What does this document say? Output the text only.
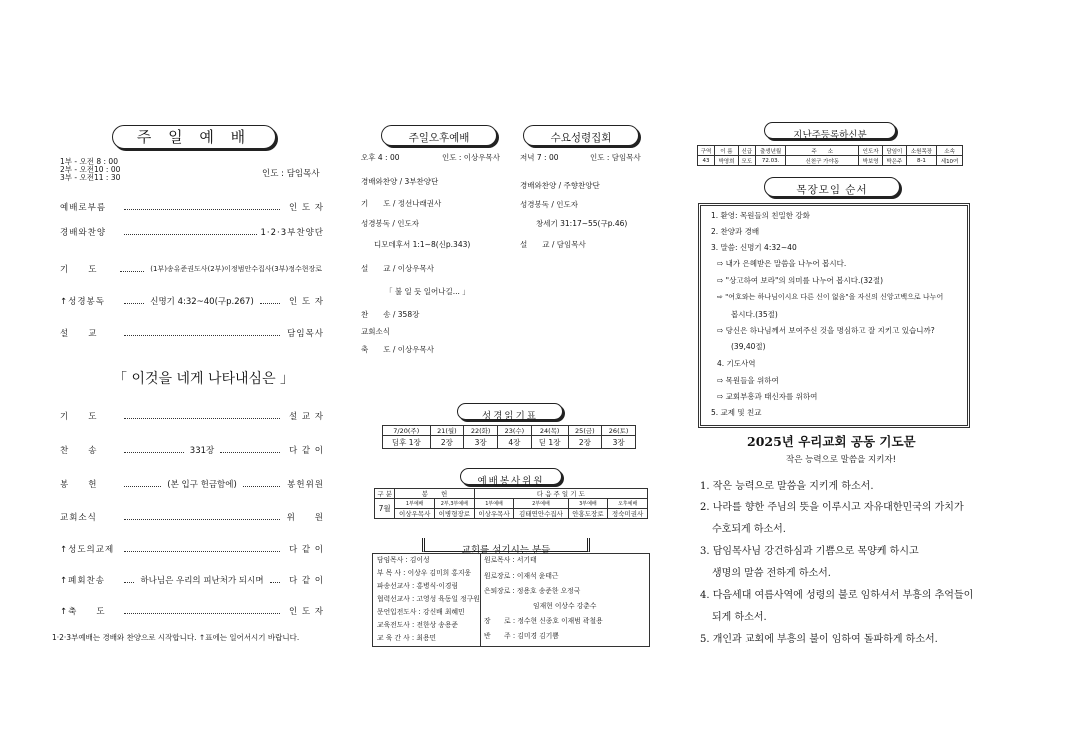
주 일 예 배
1부 - 오전 8 : 00
2부 - 오전10 : 00
3부 - 오전11 : 30	인도 : 담임목사
예배로부름	인 도 자
경배와찬양	1·2·3부찬양단
기　　도	(1부)송유준권도사(2부)이정범안수집사(3부)정수현장로
↑성경봉독	신명기 4:32~40(구p.267)	인 도 자
설　　교	담임목사
「 이것을 네게 나타내심은 」
기　　도	설 교 자
찬　　송	331장	다 같 이
봉　　헌	(본 입구 헌금함에)	봉헌위원
교회소식	위　　원
↑성도의교제	다 같 이
↑폐회찬송	하나님은 우리의 피난처가 되시며	다 같 이
↑축　　도	인 도 자
1·2·3부예배는 경배와 찬양으로 시작합니다. ↑표에는 일어서시기 바랍니다.
주일오후예배	수요성령집회
오후 4 : 00	인도 : 이상우목사
경배와찬양 / 3부찬양단
기　　도 / 정선나래권사
성경봉독 / 인도자
디모데후서 1:1~8(신p.343)
설　　교 / 이상우목사
「 불 일 듯 일어나길... 」
찬　　송 / 358장
교회소식
축　　도 / 이상우목사
저녁 7 : 00	인도 : 담임목사
경배와찬양 / 주향찬양단
성경봉독 / 인도자
창세기 31:17~55(구p.46)
설　　교 / 담임목사
성경읽기표
7/20(주)	21(월)	22(화)	23(수)	24(목)	25(금)	26(토)
딤후 1장	2장	3장	4장	딛 1장	2장	3장
예배봉사위원
구 분	봉　　헌		다 음 주 일 기 도			
7월	1부예배	2부,3부예배	1부예배	2부예배	3부예배	오후예배
	이상우목사	이병형장로	이상우목사	김태연안수집사	안홍도장로	정숙미권사
교회를 섬기시는 분들
담임목사 : 김이성
부 목 사 : 이상우 김미희 홍지웅
파송선교사 : 홍병식·이경림
협력선교사 : 고영성 육동일 정구원
문언입전도사 : 강신배 최혜민
교육전도사 : 전한상 송용준
교 육 간 사 : 최용민
원로목사 : 서기태
원로장로 : 이재석 윤태근
은퇴장로 : 정용호 송준한 오정국
임재현 이상수 강춘수
장　　로 : 정수현 신종호 이재범 곽철용
반　　주 : 김미경 김기쁨
지난주등록하신분
구역	이 름	신급	출생년월	주　　소	인도자	담임이	소원목장	소속
43	박영희	모도	72.03.	신천구 가야동	박보영	박은주	8-1	세10여
목장모임 순서
1. 환영: 목원들의 친밀한 강화
2. 찬양과 경배
3. 말씀: 신명기 4:32~40
⇨ 내가 은혜받은 말씀을 나누어 봅시다.
⇨ "상고하여 보라"의 의미를 나누어 봅시다.(32절)
⇨ "여호와는 하나님이시요 다른 신이 없음"을 자신의 신앙고백으로 나누어
봅시다.(35절)
⇨ 당신은 하나님께서 보여주신 것을 명심하고 잘 지키고 있습니까?
(39,40절)
4. 기도사역
⇨ 목원들을 위하여
⇨ 교회부흥과 태신자를 위하여
5. 교제 및 친교
2025년 우리교회 공동 기도문
작은 능력으로 말씀을 지키자!
1. 작은 능력으로 말씀을 지키게 하소서.
2. 나라를 향한 주님의 뜻을 이루시고 자유대한민국의 가치가
수호되게 하소서.
3. 담임목사님 강건하심과 기쁨으로 목양케 하시고
생명의 말씀 전하게 하소서.
4. 다음세대 여름사역에 성령의 불로 임하셔서 부흥의 추억들이
되게 하소서.
5. 개인과 교회에 부흥의 불이 임하여 돌파하게 하소서.
